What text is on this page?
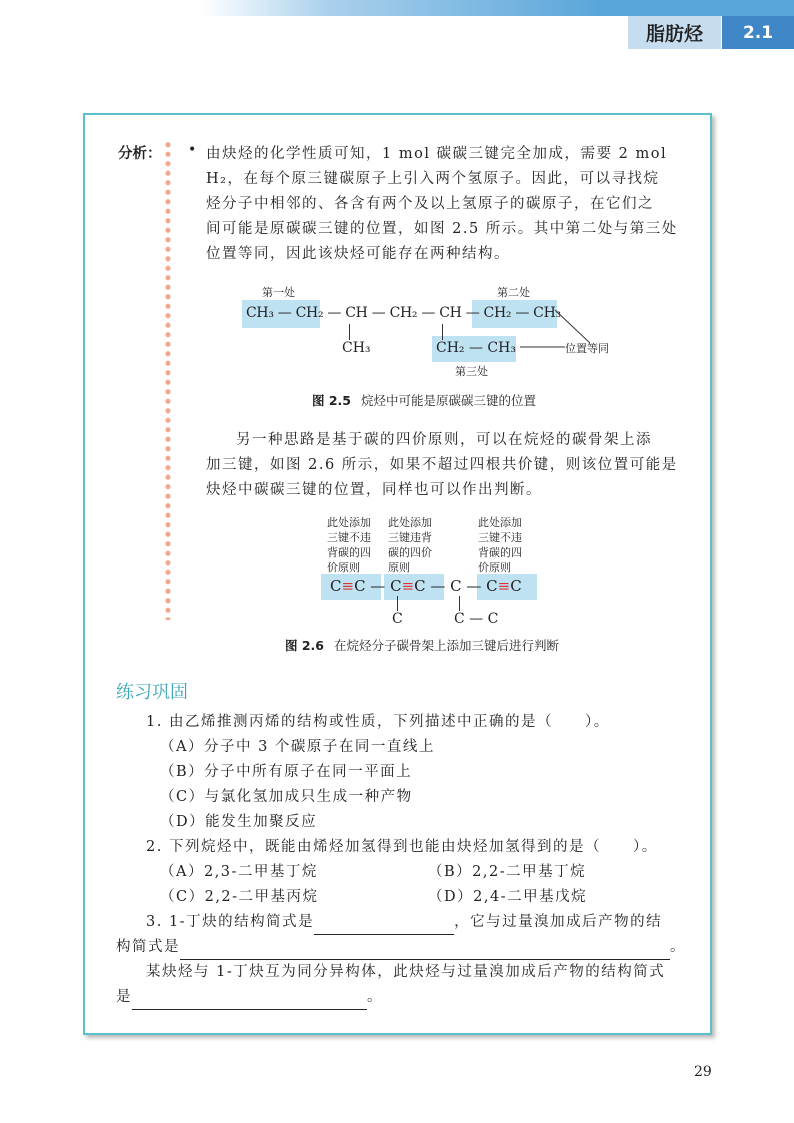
脂肪烃	2.1
分析： • 由炔烃的化学性质可知，1 mol 碳碳三键完全加成，需要 2 mol
H₂，在每个原三键碳原子上引入两个氢原子。因此，可以寻找烷
烃分子中相邻的、各含有两个及以上氢原子的碳原子，在它们之
间可能是原碳碳三键的位置，如图 2.5 所示。其中第二处与第三处
位置等同，因此该炔烃可能存在两种结构。
第一处	第二处
CH₃ — CH₂ — CH — CH₂ — CH — CH₂ — CH₃
CH₃	CH₂ — CH₃	位置等同
第三处
图 2.5 烷烃中可能是原碳碳三键的位置
另一种思路是基于碳的四价原则，可以在烷烃的碳骨架上添
加三键，如图 2.6 所示，如果不超过四根共价键，则该位置可能是
炔烃中碳碳三键的位置，同样也可以作出判断。
此处添加
三键不违
背碳的四
价原则
此处添加
三键违背
碳的四价
原则
此处添加
三键不违
背碳的四
价原则
C≡C — C≡C — C — C≡C
C	C — C
图 2.6 在烷烃分子碳骨架上添加三键后进行判断
练习巩固
1. 由乙烯推测丙烯的结构或性质，下列描述中正确的是（　　）。
（A）分子中 3 个碳原子在同一直线上
（B）分子中所有原子在同一平面上
（C）与氯化氢加成只生成一种产物
（D）能发生加聚反应
2. 下列烷烃中，既能由烯烃加氢得到也能由炔烃加氢得到的是（　　）。
（A）2,3-二甲基丁烷	（B）2,2-二甲基丁烷
（C）2,2-二甲基丙烷	（D）2,4-二甲基戊烷
3. 1-丁炔的结构简式是	，它与过量溴加成后产物的结
构简式是	。
某炔烃与 1-丁炔互为同分异构体，此炔烃与过量溴加成后产物的结构简式
是	。
29
